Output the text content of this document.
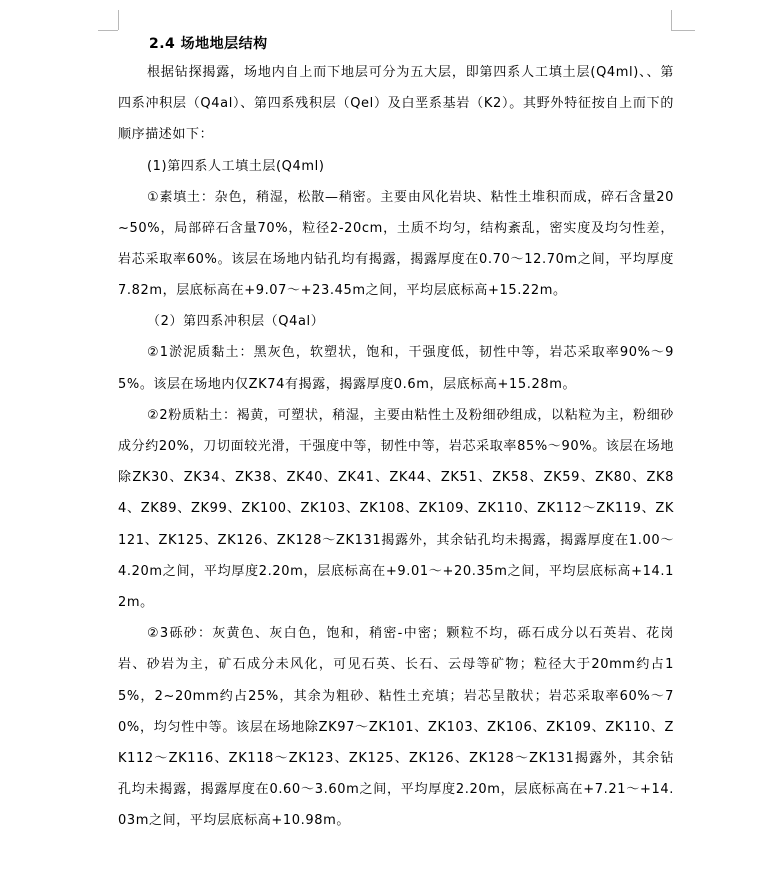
2.4 场地地层结构

根据钻探揭露，场地内自上而下地层可分为五大层，即第四系人工填土层(Q4ml)、、第四系冲积层（Q4al）、第四系残积层（Qel）及白垩系基岩（K2）。其野外特征按自上而下的顺序描述如下：

(1)第四系人工填土层(Q4ml)

①素填土：杂色，稍湿，松散—稍密。主要由风化岩块、粘性土堆积而成，碎石含量20~50%，局部碎石含量70%，粒径2-20cm，土质不均匀，结构紊乱，密实度及均匀性差，岩芯采取率60%。该层在场地内钻孔均有揭露，揭露厚度在0.70～12.70m之间，平均厚度7.82m，层底标高在+9.07～+23.45m之间，平均层底标高+15.22m。

（2）第四系冲积层（Q4al）

②1淤泥质黏土：黑灰色，软塑状，饱和，干强度低，韧性中等，岩芯采取率90%～95%。该层在场地内仅ZK74有揭露，揭露厚度0.6m，层底标高+15.28m。

②2粉质粘土：褐黄，可塑状，稍湿，主要由粘性土及粉细砂组成，以粘粒为主，粉细砂成分约20%，刀切面较光滑，干强度中等，韧性中等，岩芯采取率85%～90%。该层在场地除ZK30、ZK34、ZK38、ZK40、ZK41、ZK44、ZK51、ZK58、ZK59、ZK80、ZK84、ZK89、ZK99、ZK100、ZK103、ZK108、ZK109、ZK110、ZK112～ZK119、ZK121、ZK125、ZK126、ZK128～ZK131揭露外，其余钻孔均未揭露，揭露厚度在1.00～4.20m之间，平均厚度2.20m，层底标高在+9.01～+20.35m之间，平均层底标高+14.12m。

②3砾砂：灰黄色、灰白色，饱和，稍密-中密；颗粒不均，砾石成分以石英岩、花岗岩、砂岩为主，矿石成分未风化，可见石英、长石、云母等矿物；粒径大于20mm约占15%，2~20mm约占25%，其余为粗砂、粘性土充填；岩芯呈散状；岩芯采取率60%～70%，均匀性中等。该层在场地除ZK97～ZK101、ZK103、ZK106、ZK109、ZK110、ZK112～ZK116、ZK118～ZK123、ZK125、ZK126、ZK128～ZK131揭露外，其余钻孔均未揭露，揭露厚度在0.60～3.60m之间，平均厚度2.20m，层底标高在+7.21～+14.03m之间，平均层底标高+10.98m。
